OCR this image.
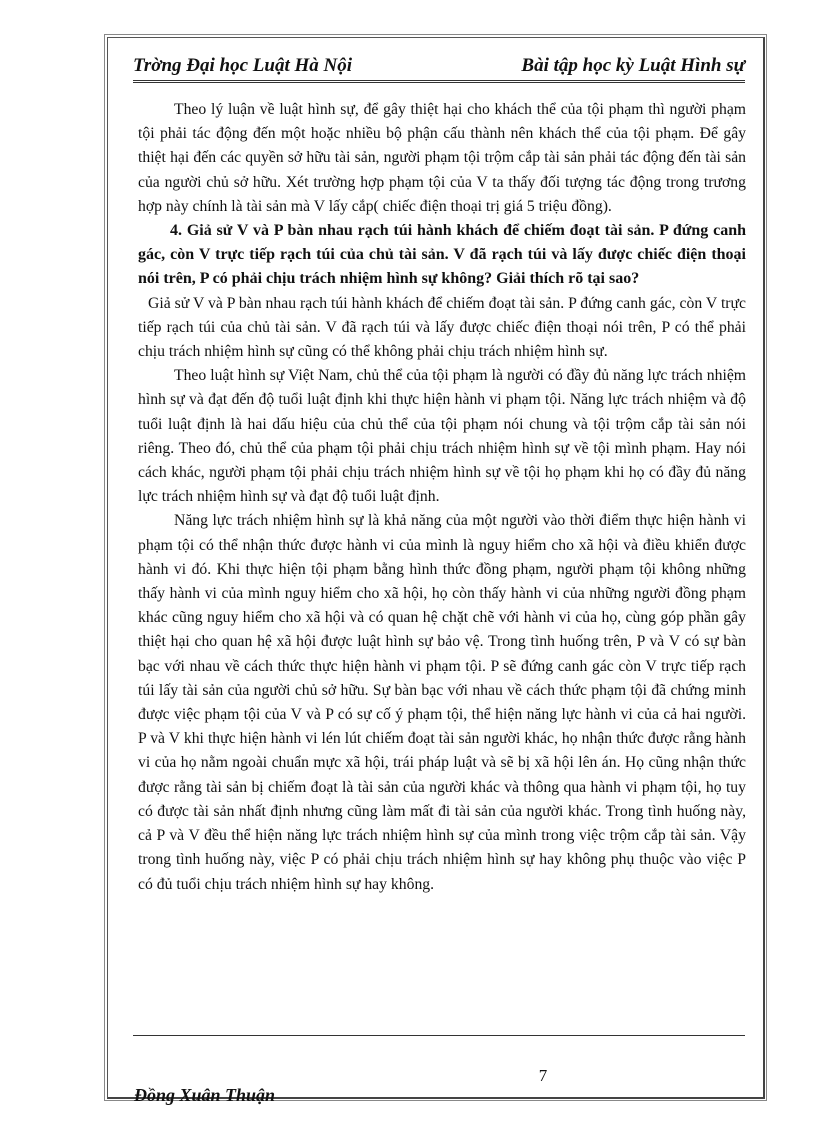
Trờng Đại học Luật Hà Nội	Bài tập học kỳ Luật Hình sự

Theo lý luận về luật hình sự, để gây thiệt hại cho khách thể của tội phạm thì người phạm tội phải tác động đến một hoặc nhiều bộ phận cấu thành nên khách thể của tội phạm. Để gây thiệt hại đến các quyền sở hữu tài sản, người phạm tội trộm cắp tài sản phải tác động đến tài sản của người chủ sở hữu. Xét trường hợp phạm tội của V ta thấy đối tượng tác động trong trương hợp này chính là tài sản mà V lấy cắp( chiếc điện thoại trị giá 5 triệu đồng).

4. Giả sử V và P bàn nhau rạch túi hành khách để chiếm đoạt tài sản. P đứng canh gác, còn V trực tiếp rạch túi của chủ tài sản. V đã rạch túi và lấy được chiếc điện thoại nói trên, P có phải chịu trách nhiệm hình sự không? Giải thích rõ tại sao?

Giả sử V và P bàn nhau rạch túi hành khách để chiếm đoạt tài sản. P đứng canh gác, còn V trực tiếp rạch túi của chủ tài sản. V đã rạch túi và lấy được chiếc điện thoại nói trên, P có thể phải chịu trách nhiệm hình sự cũng có thể không phải chịu trách nhiệm hình sự.

Theo luật hình sự Việt Nam, chủ thể của tội phạm là người có đầy đủ năng lực trách nhiệm hình sự và đạt đến độ tuổi luật định khi thực hiện hành vi phạm tội. Năng lực trách nhiệm và độ tuổi luật định là hai dấu hiệu của chủ thể của tội phạm nói chung và tội trộm cắp tài sản nói riêng. Theo đó, chủ thể của phạm tội phải chịu trách nhiệm hình sự về tội mình phạm. Hay nói cách khác, người phạm tội phải chịu trách nhiệm hình sự về tội họ phạm khi họ có đầy đủ năng lực trách nhiệm hình sự và đạt độ tuổi luật định.

Năng lực trách nhiệm hình sự là khả năng của một người vào thời điểm thực hiện hành vi phạm tội có thể nhận thức được hành vi của mình là nguy hiểm cho xã hội và điều khiển được hành vi đó. Khi thực hiện tội phạm bằng hình thức đồng phạm, người phạm tội không những thấy hành vi của mình nguy hiểm cho xã hội, họ còn thấy hành vi của những người đồng phạm khác cũng nguy hiểm cho xã hội và có quan hệ chặt chẽ với hành vi của họ, cùng góp phần gây thiệt hại cho quan hệ xã hội được luật hình sự bảo vệ. Trong tình huống trên, P và V có sự bàn bạc với nhau về cách thức thực hiện hành vi phạm tội. P sẽ đứng canh gác còn V trực tiếp rạch túi lấy tài sản của người chủ sở hữu. Sự bàn bạc với nhau về cách thức phạm tội đã chứng minh được việc phạm tội của V và P có sự cố ý phạm tội, thể hiện năng lực hành vi của cả hai người. P và V khi thực hiện hành vi lén lút chiếm đoạt tài sản người khác, họ nhận thức được rằng hành vi của họ nằm ngoài chuẩn mực xã hội, trái pháp luật và sẽ bị xã hội lên án. Họ cũng nhận thức được rằng tài sản bị chiếm đoạt là tài sản của người khác và thông qua hành vi phạm tội, họ tuy có được tài sản nhất định nhưng cũng làm mất đi tài sản của người khác. Trong tình huống này, cả P và V đều thể hiện năng lực trách nhiệm hình sự của mình trong việc trộm cắp tài sản. Vậy trong tình huống này, việc P có phải chịu trách nhiệm hình sự hay không phụ thuộc vào việc P có đủ tuổi chịu trách nhiệm hình sự hay không.

7
Đồng Xuân Thuận
